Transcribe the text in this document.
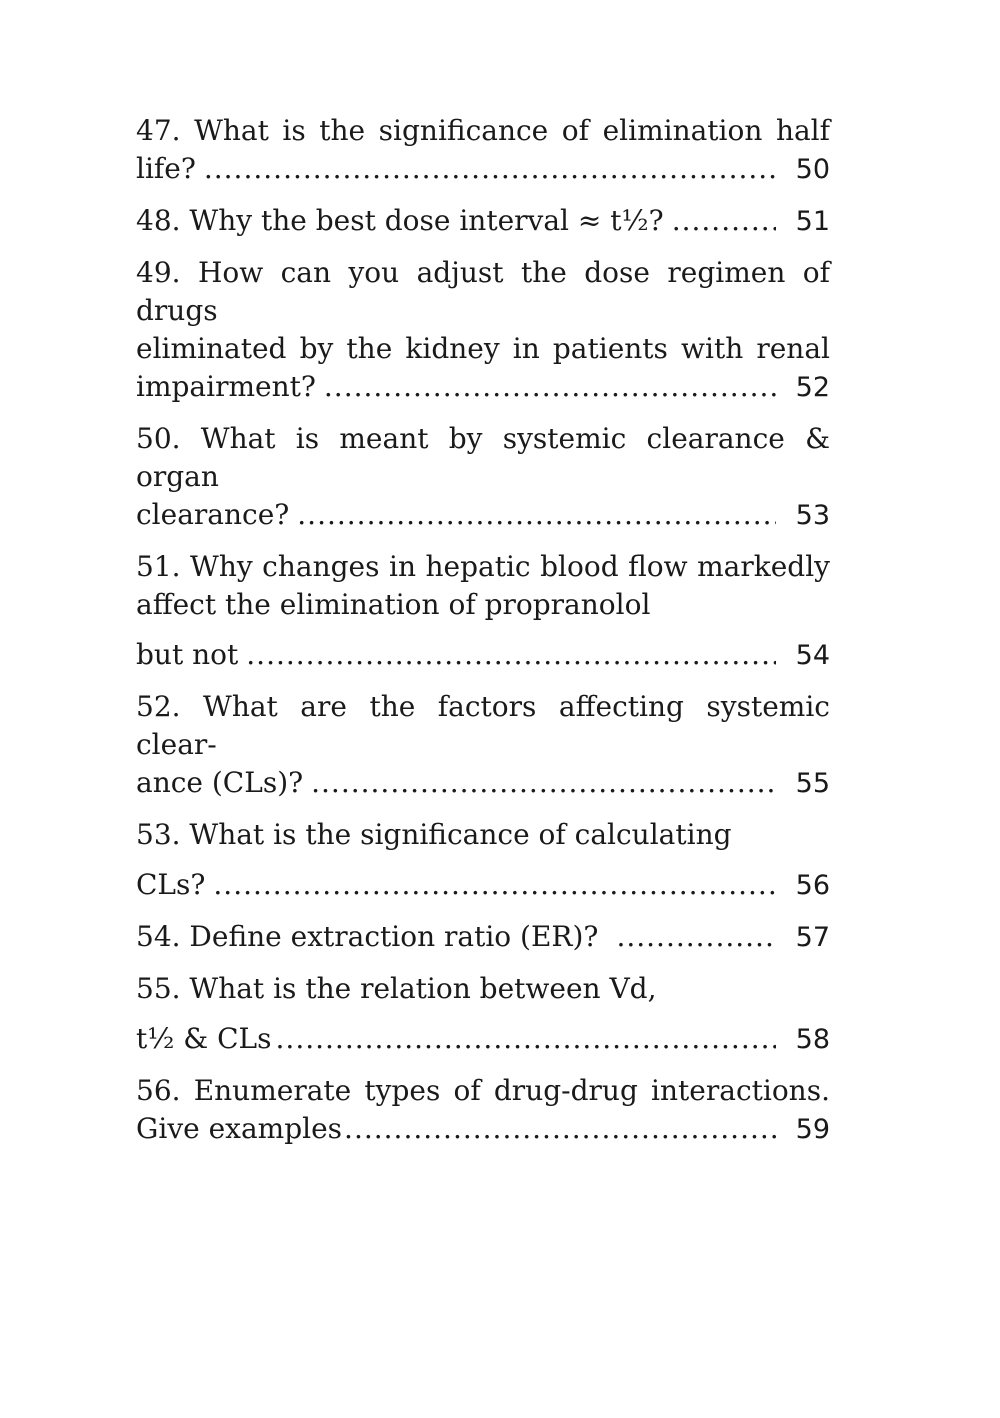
47. What is the significance of elimination half
life? .....	50
48. Why the best dose interval ≈ t½? .....	51
49. How can you adjust the dose regimen of drugs
eliminated by the kidney in patients with renal
impairment? .....	52
50. What is meant by systemic clearance & organ
clearance? .....	53
51. Why changes in hepatic blood flow markedly
affect the elimination of propranolol
but not .....	54
52. What are the factors affecting systemic clear-
ance (CLs)? .....	55
53. What is the significance of calculating
CLs? .....	56
54. Define extraction ratio (ER)? .....	57
55. What is the relation between Vd,
t½ & CLs .....	58
56. Enumerate types of drug-drug interactions.
Give examples .....	59
